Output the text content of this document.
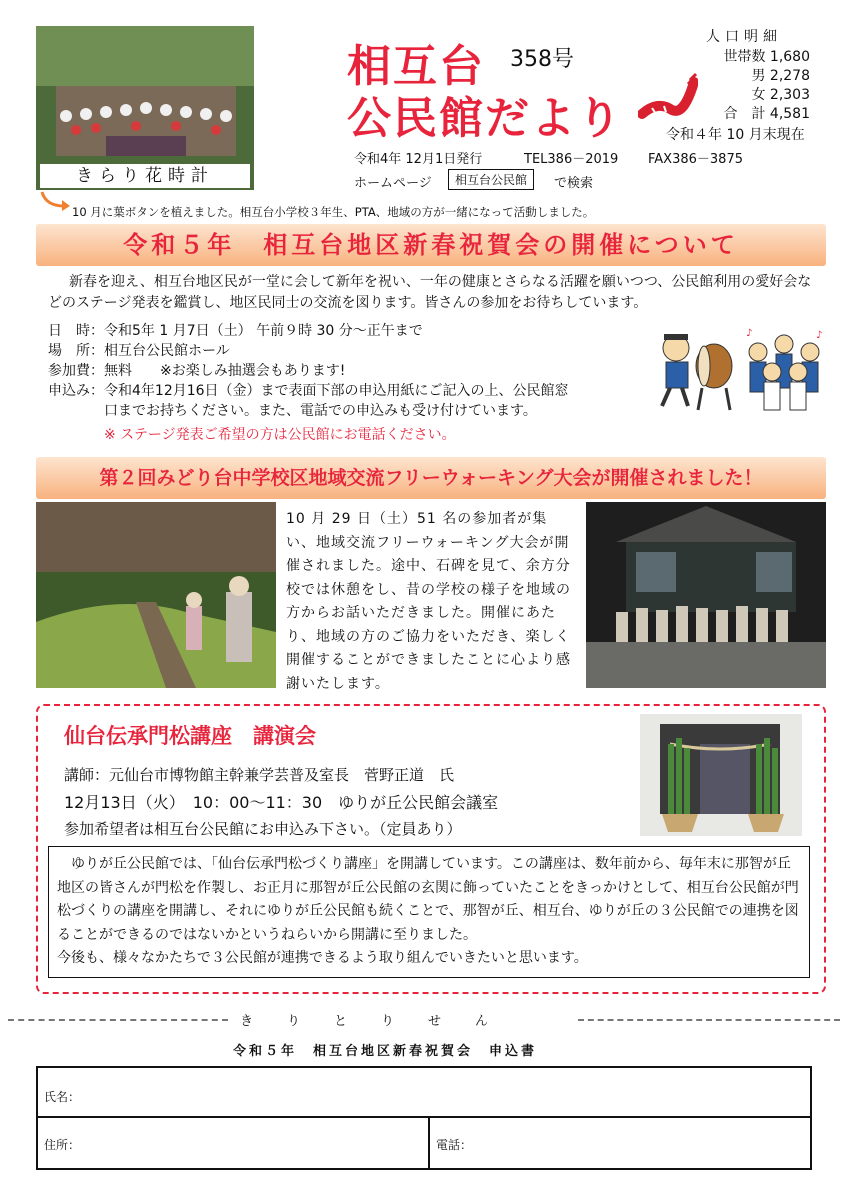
きらり花時計
相互台
公民館だより
358号
人口明細
世帯数 1,680
男 2,278
女 2,303
合　計 4,581
令和４年 10 月末現在
令和4年 12月1日発行	TEL386－2019 FAX386－3875
ホームページ	相互台公民館	で検索
10 月に葉ボタンを植えました。相互台小学校３年生、PTA、地域の方が一緒になって活動しました。
令和５年　相互台地区新春祝賀会の開催について
新春を迎え、相互台地区民が一堂に会して新年を祝い、一年の健康とさらなる活躍を願いつつ、公民館利用の愛好会などのステージ発表を鑑賞し、地区民同士の交流を図ります。皆さんの参加をお待ちしています。
日　時：令和5年 1 月7日（土） 午前９時 30 分～正午まで
場　所：相互台公民館ホール
参加費：無料　　※お楽しみ抽選会もあります!
申込み：令和4年12月16日（金）まで表面下部の申込用紙にご記入の上、公民館窓
口までお持ちください。また、電話での申込みも受け付けています。
※ ステージ発表ご希望の方は公民館にお電話ください。
♪	♪
第２回みどり台中学校区地域交流フリーウォーキング大会が開催されました！
10 月 29 日（土）51 名の参加者が集い、地域交流フリーウォーキング大会が開催されました。途中、石碑を見て、余方分校では休憩をし、昔の学校の様子を地域の方からお話いただきました。開催にあたり、地域の方のご協力をいただき、楽しく開催することができましたことに心より感謝いたします。
仙台伝承門松講座　講演会
講師：元仙台市博物館主幹兼学芸普及室長　菅野正道　氏
12月13日（火）　10：00～11：30　ゆりが丘公民館会議室
参加希望者は相互台公民館にお申込み下さい。（定員あり）

ゆりが丘公民館では、「仙台伝承門松づくり講座」を開講しています。この講座は、数年前から、毎年末に那智が丘地区の皆さんが門松を作製し、お正月に那智が丘公民館の玄関に飾っていたことをきっかけとして、相互台公民館が門松づくりの講座を開講し、それにゆりが丘公民館も続くことで、那智が丘、相互台、ゆりが丘の３公民館での連携を図ることができるのではないかというねらいから開講に至りました。

今後も、様々なかたちで３公民館が連携できるよう取り組んでいきたいと思います。

きりとりせん
令和５年　相互台地区新春祝賀会　申込書
氏名：
住所：	電話：
